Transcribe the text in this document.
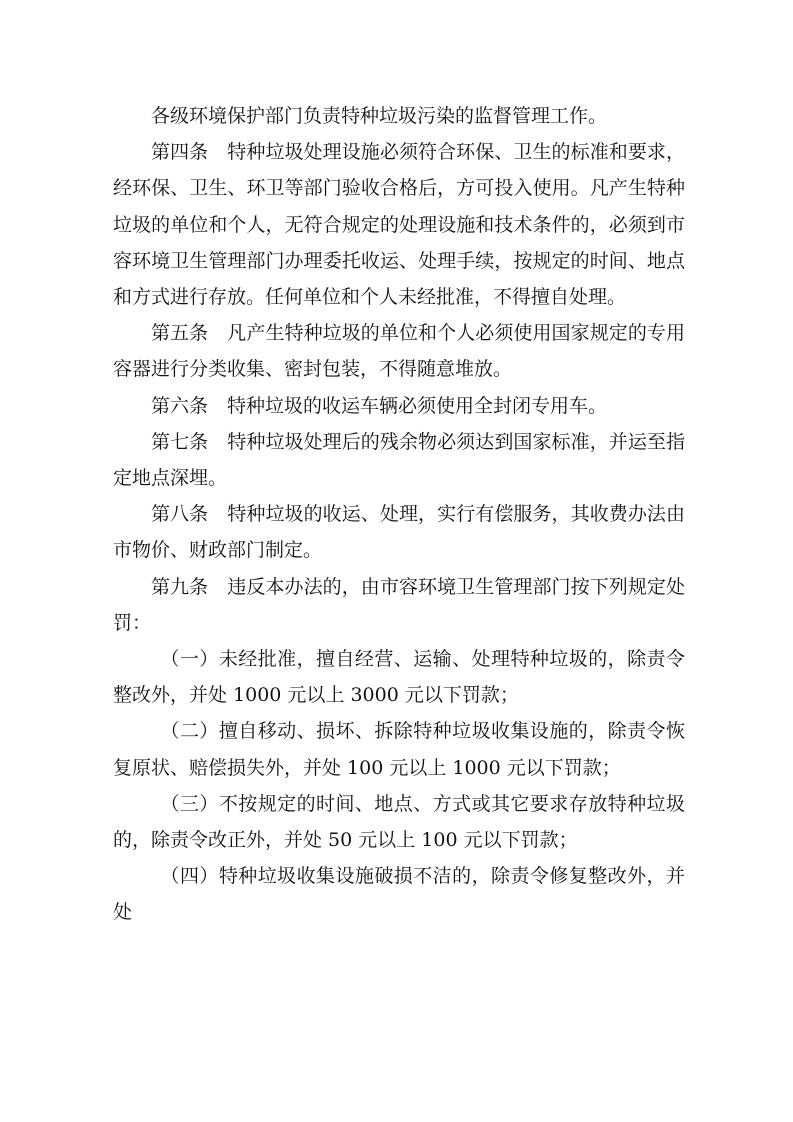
各级环境保护部门负责特种垃圾污染的监督管理工作。

第四条　特种垃圾处理设施必须符合环保、卫生的标准和要求，经环保、卫生、环卫等部门验收合格后，方可投入使用。凡产生特种垃圾的单位和个人，无符合规定的处理设施和技术条件的，必须到市容环境卫生管理部门办理委托收运、处理手续，按规定的时间、地点和方式进行存放。任何单位和个人未经批准，不得擅自处理。

第五条　凡产生特种垃圾的单位和个人必须使用国家规定的专用容器进行分类收集、密封包装，不得随意堆放。

第六条　特种垃圾的收运车辆必须使用全封闭专用车。

第七条　特种垃圾处理后的残余物必须达到国家标准，并运至指定地点深埋。

第八条　特种垃圾的收运、处理，实行有偿服务，其收费办法由市物价、财政部门制定。

第九条　违反本办法的，由市容环境卫生管理部门按下列规定处罚：

（一）未经批准，擅自经营、运输、处理特种垃圾的，除责令整改外，并处 1000 元以上 3000 元以下罚款；

（二）擅自移动、损坏、拆除特种垃圾收集设施的，除责令恢复原状、赔偿损失外，并处 100 元以上 1000 元以下罚款；

（三）不按规定的时间、地点、方式或其它要求存放特种垃圾的，除责令改正外，并处 50 元以上 100 元以下罚款；

（四）特种垃圾收集设施破损不洁的，除责令修复整改外，并处
